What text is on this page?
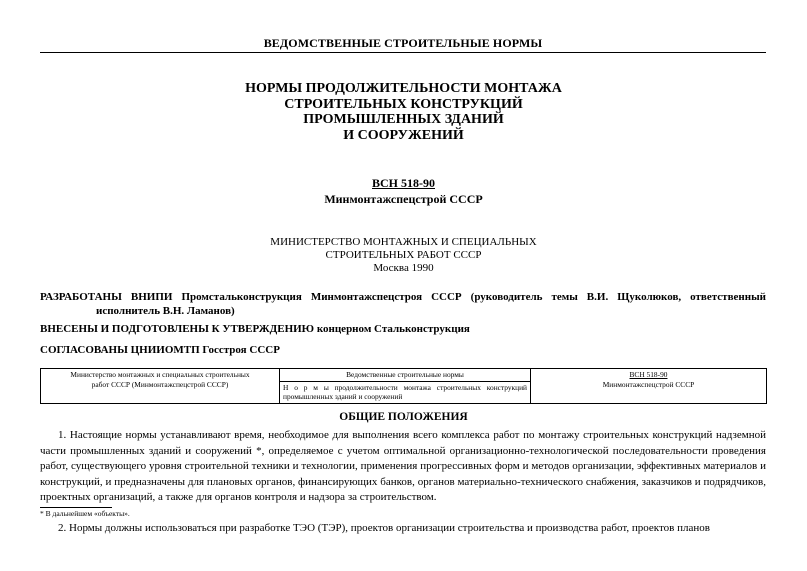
ВЕДОМСТВЕННЫЕ СТРОИТЕЛЬНЫЕ НОРМЫ
НОРМЫ ПРОДОЛЖИТЕЛЬНОСТИ МОНТАЖА
СТРОИТЕЛЬНЫХ КОНСТРУКЦИЙ
ПРОМЫШЛЕННЫХ ЗДАНИЙ
И СООРУЖЕНИЙ
ВСН 518-90
Минмонтажспецстрой СССР
МИНИСТЕРСТВО МОНТАЖНЫХ И СПЕЦИАЛЬНЫХ
СТРОИТЕЛЬНЫХ РАБОТ СССР
Москва 1990
РАЗРАБОТАНЫ ВНИПИ Промстальконструкция Минмонтажспецстроя СССР (руководитель темы В.И. Щуколюков, ответственный
исполнитель В.Н. Ламанов)
ВНЕСЕНЫ И ПОДГОТОВЛЕНЫ К УТВЕРЖДЕНИЮ концерном Стальконструкция
СОГЛАСОВАНЫ ЦНИИОМТП Госстроя СССР
Министерство монтажных и специальных строительных
работ СССР (Минмонтажспецстрой СССР)

Ведомственные строительные нормы
Н о р м ы продолжительности монтажа строительных конструкций промышленных зданий и сооружений

ВСН 518-90
Минмонтажспецстрой СССР
ОБЩИЕ ПОЛОЖЕНИЯ
1. Настоящие нормы устанавливают время, необходимое для выполнения всего комплекса работ по монтажу строительных конструкций надземной части промышленных зданий и сооружений *, определяемое с учетом оптимальной организационно-технологической последовательности проведения работ, существующего уровня строительной техники и технологии, применения прогрессивных форм и методов организации, эффективных материалов и конструкций, и предназначены для плановых органов, финансирующих банков, органов материально-технического снабжения, заказчиков и подрядчиков, проектных организаций, а также для органов контроля и надзора за строительством.
* В дальнейшем «объекты».
2. Нормы должны использоваться при разработке ТЭО (ТЭР), проектов организации строительства и производства работ, проектов планов
